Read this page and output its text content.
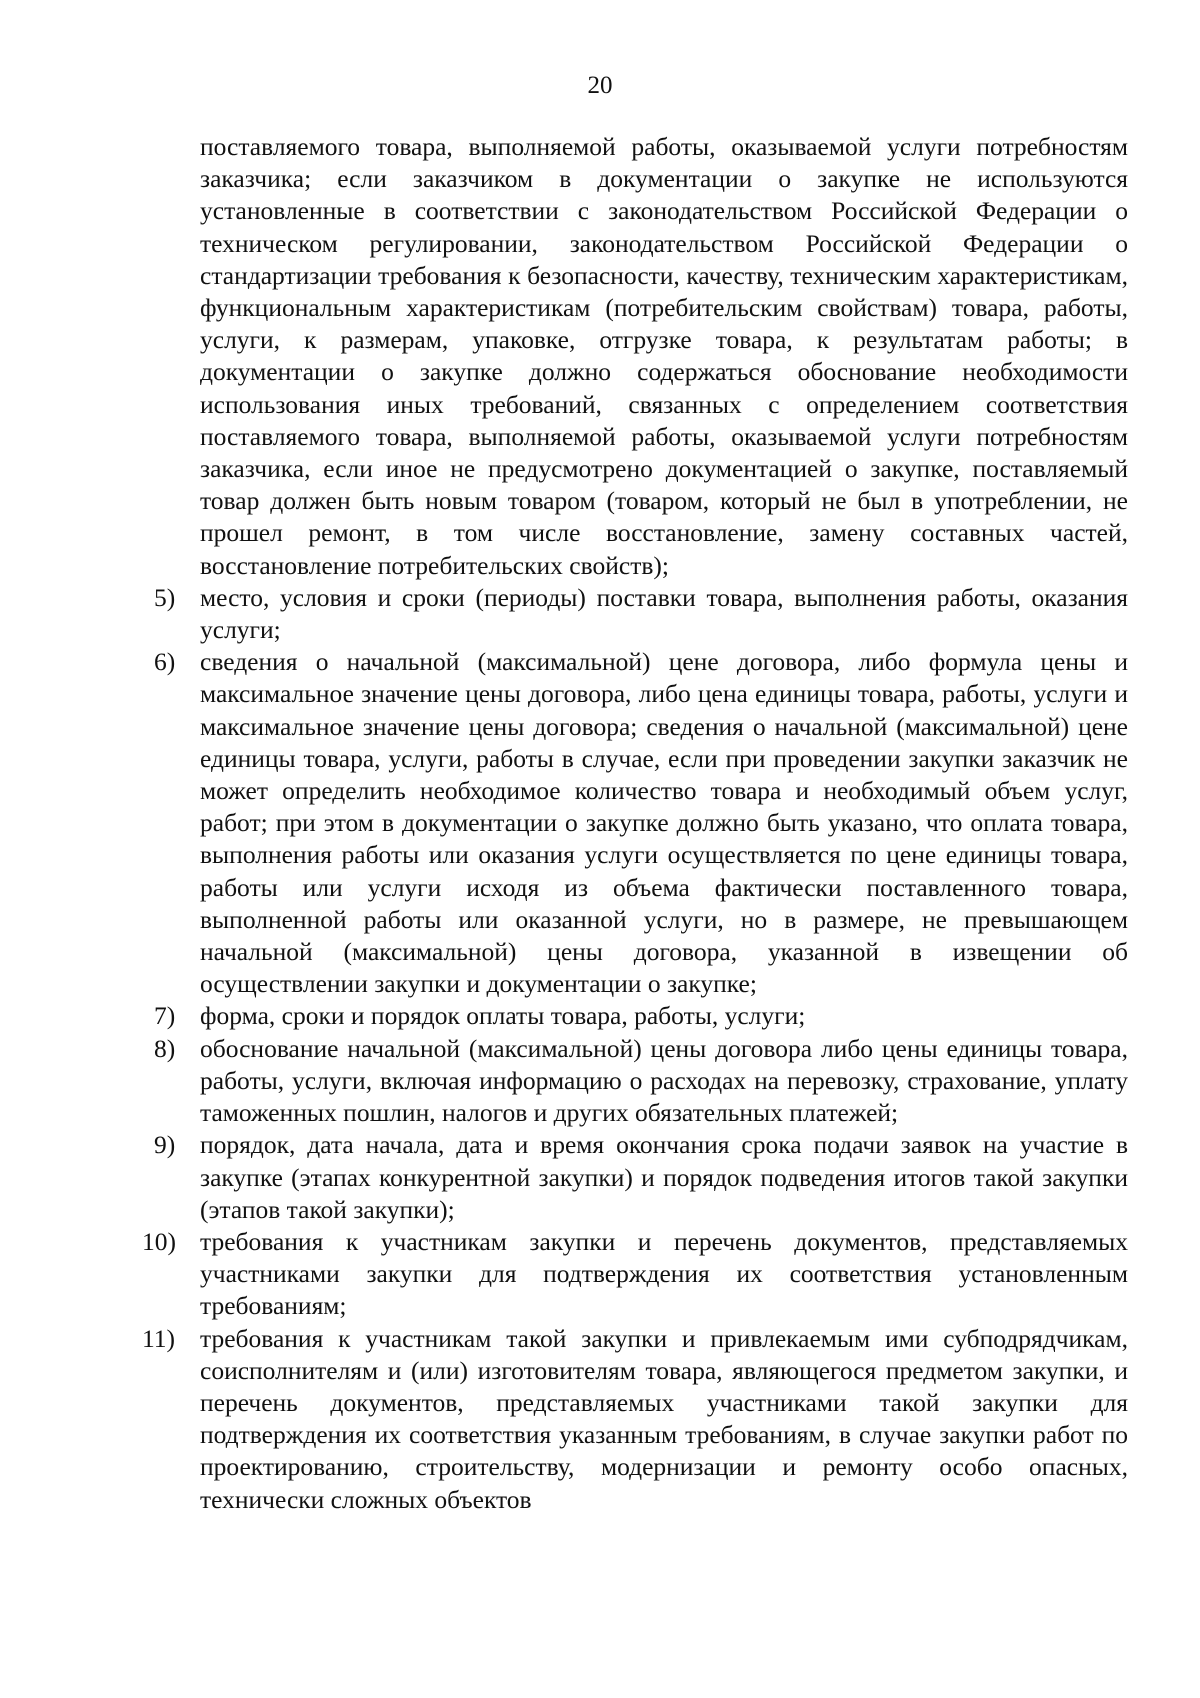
20

поставляемого товара, выполняемой работы, оказываемой услуги потребностям заказчика; если заказчиком в документации о закупке не используются установленные в соответствии с законодательством Российской Федерации о техническом регулировании, законодательством Российской Федерации о стандартизации требования к безопасности, качеству, техническим характеристикам, функциональным характеристикам (потребительским свойствам) товара, работы, услуги, к размерам, упаковке, отгрузке товара, к результатам работы; в документации о закупке должно содержаться обоснование необходимости использования иных требований, связанных с определением соответствия поставляемого товара, выполняемой работы, оказываемой услуги потребностям заказчика, если иное не предусмотрено документацией о закупке, поставляемый товар должен быть новым товаром (товаром, который не был в употреблении, не прошел ремонт, в том числе восстановление, замену составных частей, восстановление потребительских свойств);

5) место, условия и сроки (периоды) поставки товара, выполнения работы, оказания услуги;
6) сведения о начальной (максимальной) цене договора, либо формула цены и максимальное значение цены договора, либо цена единицы товара, работы, услуги и максимальное значение цены договора; сведения о начальной (максимальной) цене единицы товара, услуги, работы в случае, если при проведении закупки заказчик не может определить необходимое количество товара и необходимый объем услуг, работ; при этом в документации о закупке должно быть указано, что оплата товара, выполнения работы или оказания услуги осуществляется по цене единицы товара, работы или услуги исходя из объема фактически поставленного товара, выполненной работы или оказанной услуги, но в размере, не превышающем начальной (максимальной) цены договора, указанной в извещении об осуществлении закупки и документации о закупке;
7) форма, сроки и порядок оплаты товара, работы, услуги;
8) обоснование начальной (максимальной) цены договора либо цены единицы товара, работы, услуги, включая информацию о расходах на перевозку, страхование, уплату таможенных пошлин, налогов и других обязательных платежей;
9) порядок, дата начала, дата и время окончания срока подачи заявок на участие в закупке (этапах конкурентной закупки) и порядок подведения итогов такой закупки (этапов такой закупки);
10) требования к участникам закупки и перечень документов, представляемых участниками закупки для подтверждения их соответствия установленным требованиям;
11) требования к участникам такой закупки и привлекаемым ими субподрядчикам, соисполнителям и (или) изготовителям товара, являющегося предметом закупки, и перечень документов, представляемых участниками такой закупки для подтверждения их соответствия указанным требованиям, в случае закупки работ по проектированию, строительству, модернизации и ремонту особо опасных, технически сложных объектов
